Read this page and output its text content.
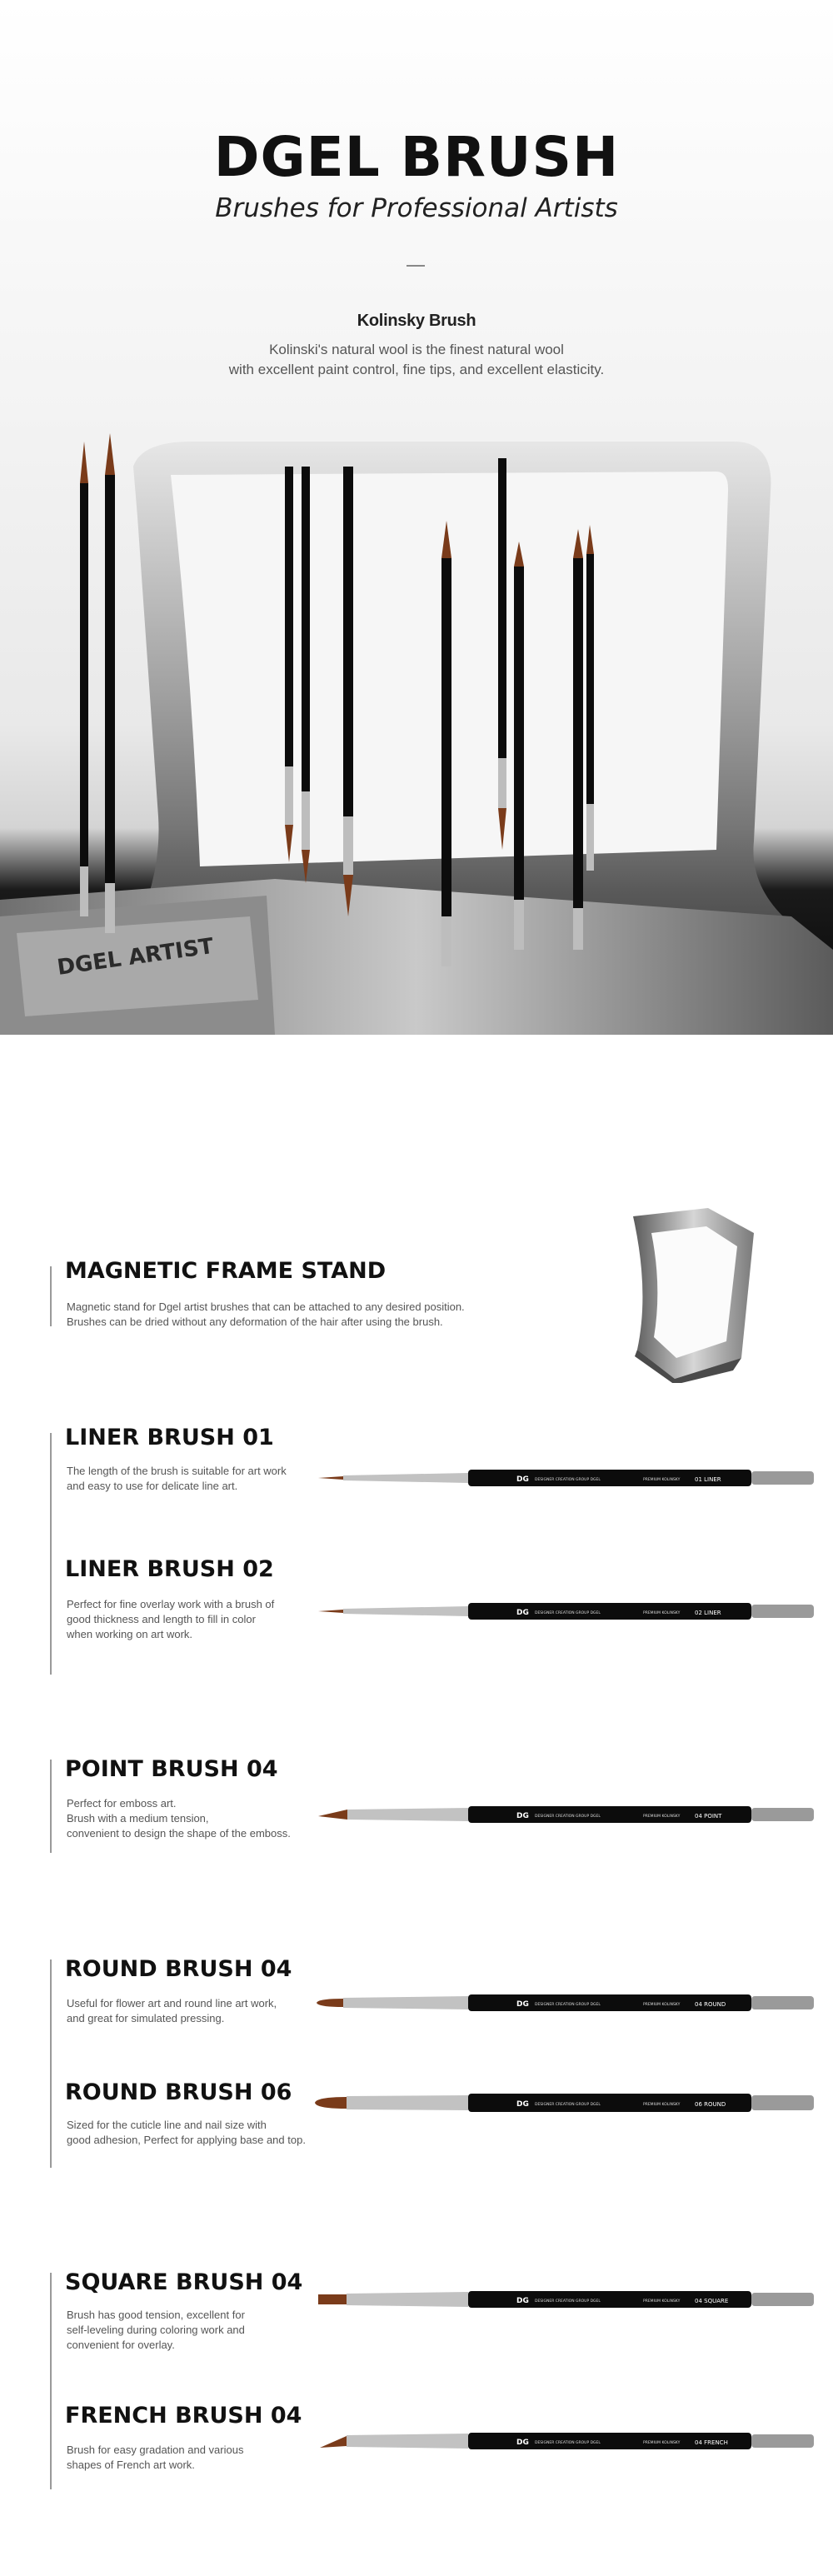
DGEL BRUSH

Brushes for Professional Artists

Kolinsky Brush

Kolinski's natural wool is the finest natural wool
with excellent paint control, fine tips, and excellent elasticity.

DGEL ARTIST
MAGNETIC FRAME STAND

Magnetic stand for Dgel artist brushes that can be attached to any desired position.
Brushes can be dried without any deformation of the hair after using the brush.

LINER BRUSH 01

The length of the brush is suitable for art work
and easy to use for delicate line art.	DG DESIGNER CREATION GROUP DGEL	PREMIUM KOLINSKY	01 LINER
LINER BRUSH 02

Perfect for fine overlay work with a brush of
good thickness and length to fill in color
when working on art work.

DG DESIGNER CREATION GROUP DGEL	PREMIUM KOLINSKY	02 LINER
POINT BRUSH 04

Perfect for emboss art.
Brush with a medium tension,
convenient to design the shape of the emboss.

DG DESIGNER CREATION GROUP DGEL	PREMIUM KOLINSKY	04 POINT
ROUND BRUSH 04

Useful for flower art and round line art work,
and great for simulated pressing.

DG DESIGNER CREATION GROUP DGEL	PREMIUM KOLINSKY	04 ROUND
ROUND BRUSH 06

Sized for the cuticle line and nail size with
good adhesion, Perfect for applying base and top.

DG DESIGNER CREATION GROUP DGEL	PREMIUM KOLINSKY	06 ROUND
SQUARE BRUSH 04

Brush has good tension, excellent for
self-leveling during coloring work and
convenient for overlay.

DG DESIGNER CREATION GROUP DGEL	PREMIUM KOLINSKY	04 SQUARE
FRENCH BRUSH 04

Brush for easy gradation and various
shapes of French art work.

DG DESIGNER CREATION GROUP DGEL	PREMIUM KOLINSKY	04 FRENCH
